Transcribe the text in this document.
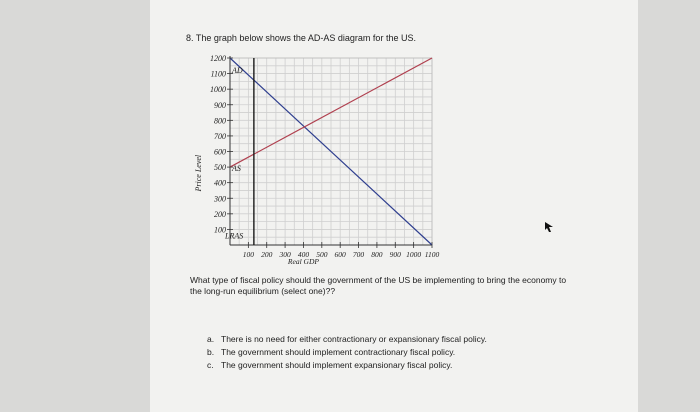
8. The graph below shows the AD-AS diagram for the US.
100
200
300
400
500
600
700
800
900
1000
1100
1200
100 200 300 400 500 600 700 800 900 1000 1100
Price Level
Real GDP
AD
AS
LRAS
What type of fiscal policy should the government of the US be implementing to bring the economy to the long-run equilibrium (select one)??
a. There is no need for either contractionary or expansionary fiscal policy.
b. The government should implement contractionary fiscal policy.
c. The government should implement expansionary fiscal policy.
